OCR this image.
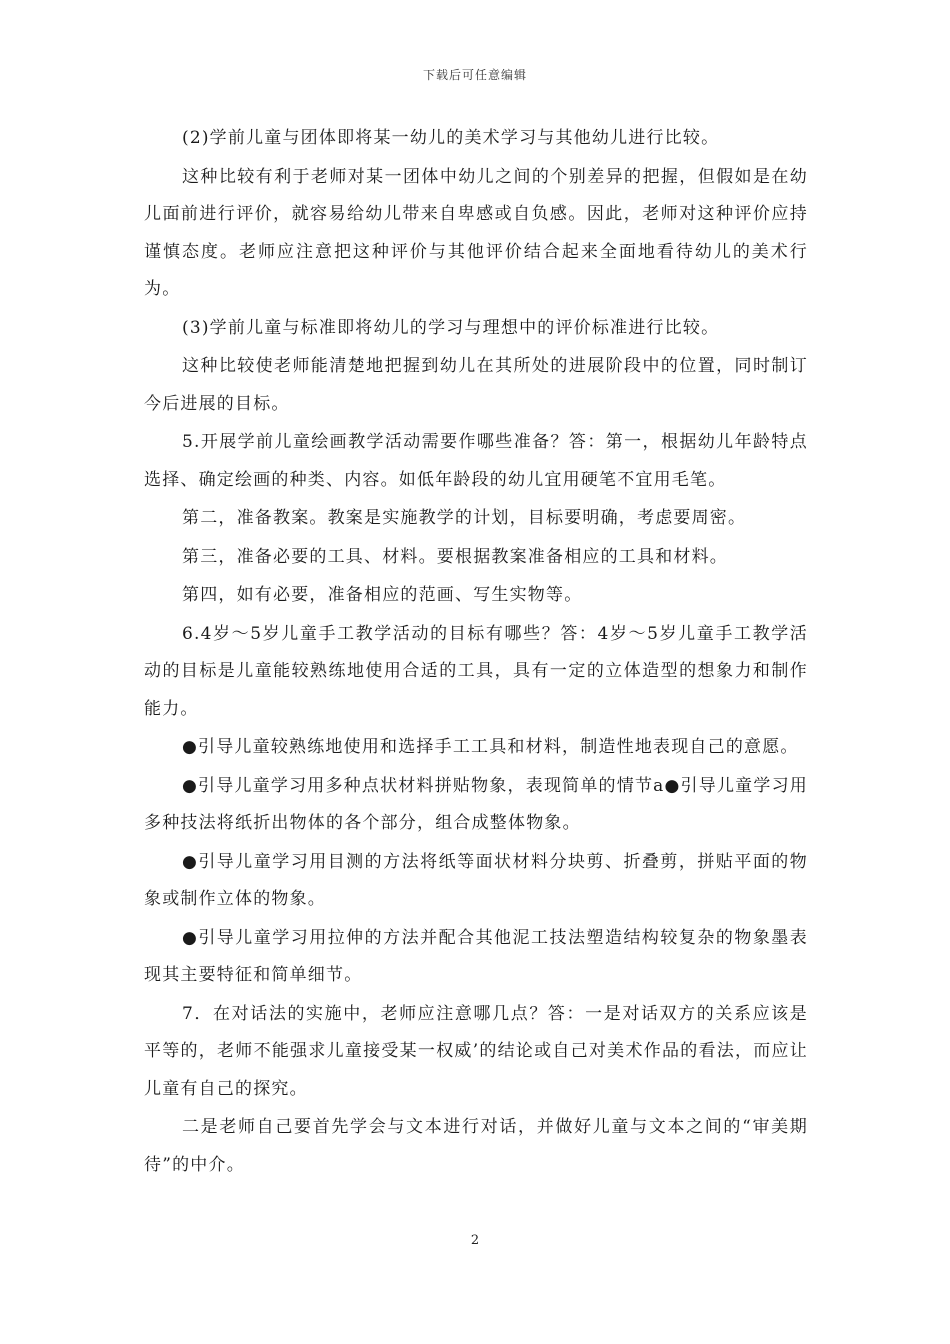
下载后可任意编辑

(2)学前儿童与团体即将某一幼儿的美术学习与其他幼儿进行比较。

这种比较有利于老师对某一团体中幼儿之间的个别差异的把握，但假如是在幼儿面前进行评价，就容易给幼儿带来自卑感或自负感。因此，老师对这种评价应持谨慎态度。老师应注意把这种评价与其他评价结合起来全面地看待幼儿的美术行为。

(3)学前儿童与标准即将幼儿的学习与理想中的评价标准进行比较。

这种比较使老师能清楚地把握到幼儿在其所处的进展阶段中的位置，同时制订今后进展的目标。

5.开展学前儿童绘画教学活动需要作哪些准备？答：第一，根据幼儿年龄特点选择、确定绘画的种类、内容。如低年龄段的幼儿宜用硬笔不宜用毛笔。

第二，准备教案。教案是实施教学的计划，目标要明确，考虑要周密。

第三，准备必要的工具、材料。要根据教案准备相应的工具和材料。

第四，如有必要，准备相应的范画、写生实物等。

6.4岁～5岁儿童手工教学活动的目标有哪些？答：4岁～5岁儿童手工教学活动的目标是儿童能较熟练地使用合适的工具，具有一定的立体造型的想象力和制作能力。

●引导儿童较熟练地使用和选择手工工具和材料，制造性地表现自己的意愿。

●引导儿童学习用多种点状材料拼贴物象，表现简单的情节a●引导儿童学习用多种技法将纸折出物体的各个部分，组合成整体物象。

●引导儿童学习用目测的方法将纸等面状材料分块剪、折叠剪，拼贴平面的物象或制作立体的物象。

●引导儿童学习用拉伸的方法并配合其他泥工技法塑造结构较复杂的物象墨表现其主要特征和简单细节。

7．在对话法的实施中，老师应注意哪几点？答：一是对话双方的关系应该是平等的，老师不能强求儿童接受某一权威’的结论或自己对美术作品的看法，而应让儿童有自己的探究。

二是老师自己要首先学会与文本进行对话，并做好儿童与文本之间的“审美期待”的中介。

2
